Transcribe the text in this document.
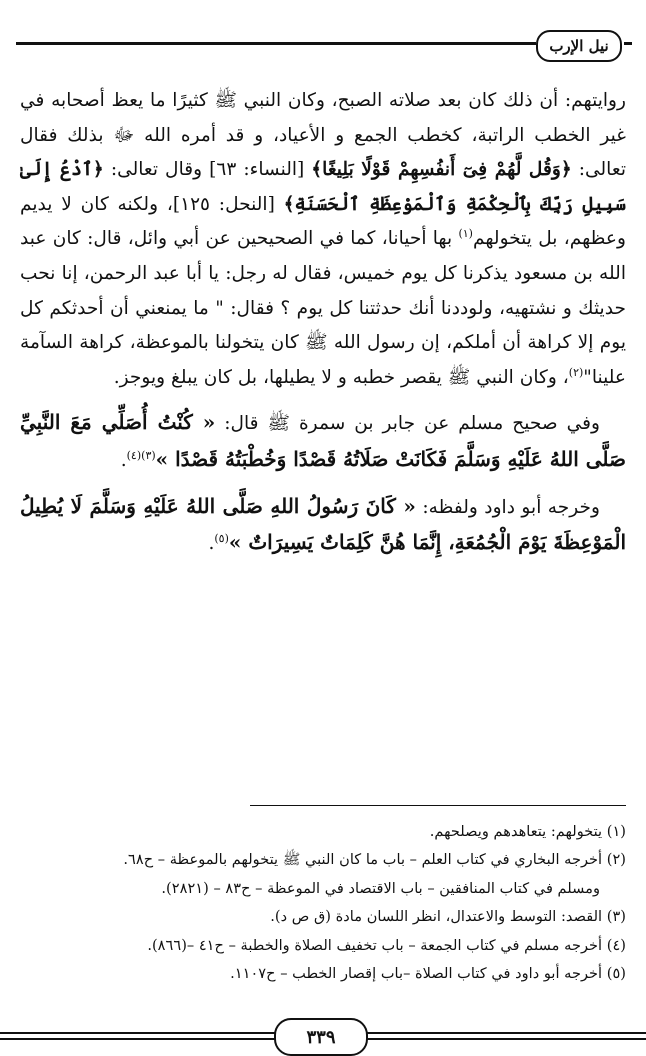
نيل الإرب

روايتهم: أن ذلك كان بعد صلاته الصبح، وكان النبي ﷺ كثيرًا ما يعظ أصحابه في غير الخطب الراتبة، كخطب الجمع و الأعياد، و قد أمره الله ﷻ بذلك فقال تعالى: ﴿وَقُل لَّهُمْ فِىٓ أَنفُسِهِمْ قَوْلًا بَلِيغًا﴾ [النساء: ٦٣] وقال تعالى: ﴿ٱدْعُ إِلَىٰ سَبِيلِ رَبِّكَ بِٱلْحِكْمَةِ وَٱلْمَوْعِظَةِ ٱلْحَسَنَةِ﴾ [النحل: ١٢٥]، ولكنه كان لا يديم وعظهم، بل يتخولهم$^{(١)}$ بها أحيانا، كما في الصحيحين عن أبي وائل، قال: كان عبد الله بن مسعود يذكرنا كل يوم خميس، فقال له رجل: يا أبا عبد الرحمن، إنا نحب حديثك و نشتهيه، ولوددنا أنك حدثتنا كل يوم ؟ فقال: " ما يمنعني أن أحدثكم كل يوم إلا كراهة أن أملكم، إن رسول الله ﷺ كان يتخولنا بالموعظة، كراهة السآمة علينا"$^{(٢)}$، وكان النبي ﷺ يقصر خطبه و لا يطيلها، بل كان يبلغ ويوجز.

وفي صحيح مسلم عن جابر بن سمرة ﷺ قال: « كُنْتُ أُصَلِّي مَعَ النَّبِيِّ صَلَّى اللهُ عَلَيْهِ وَسَلَّمَ فَكَانَتْ صَلَاتُهُ قَصْدًا وَخُطْبَتُهُ قَصْدًا »$^{(٣)(٤)}$.

وخرجه أبو داود ولفظه: « كَانَ رَسُولُ اللهِ صَلَّى اللهُ عَلَيْهِ وَسَلَّمَ لَا يُطِيلُ الْمَوْعِظَةَ يَوْمَ الْجُمُعَةِ، إِنَّمَا هُنَّ كَلِمَاتٌ يَسِيرَاتٌ »$^{(٥)}$.

(١) يتخولهم: يتعاهدهم ويصلحهم.
(٢) أخرجه البخاري في كتاب العلم – باب ما كان النبي ﷺ يتخولهم بالموعظة – ح٦٨.
ومسلم في كتاب المنافقين – باب الاقتصاد في الموعظة – ح٨٣ – (٢٨٢١).
(٣) القصد: التوسط والاعتدال، انظر اللسان مادة (ق ص د).
(٤) أخرجه مسلم في كتاب الجمعة – باب تخفيف الصلاة والخطبة – ح٤١ –(٨٦٦).
(٥) أخرجه أبو داود في كتاب الصلاة –باب إقصار الخطب – ح١١٠٧.
٣٣٩
